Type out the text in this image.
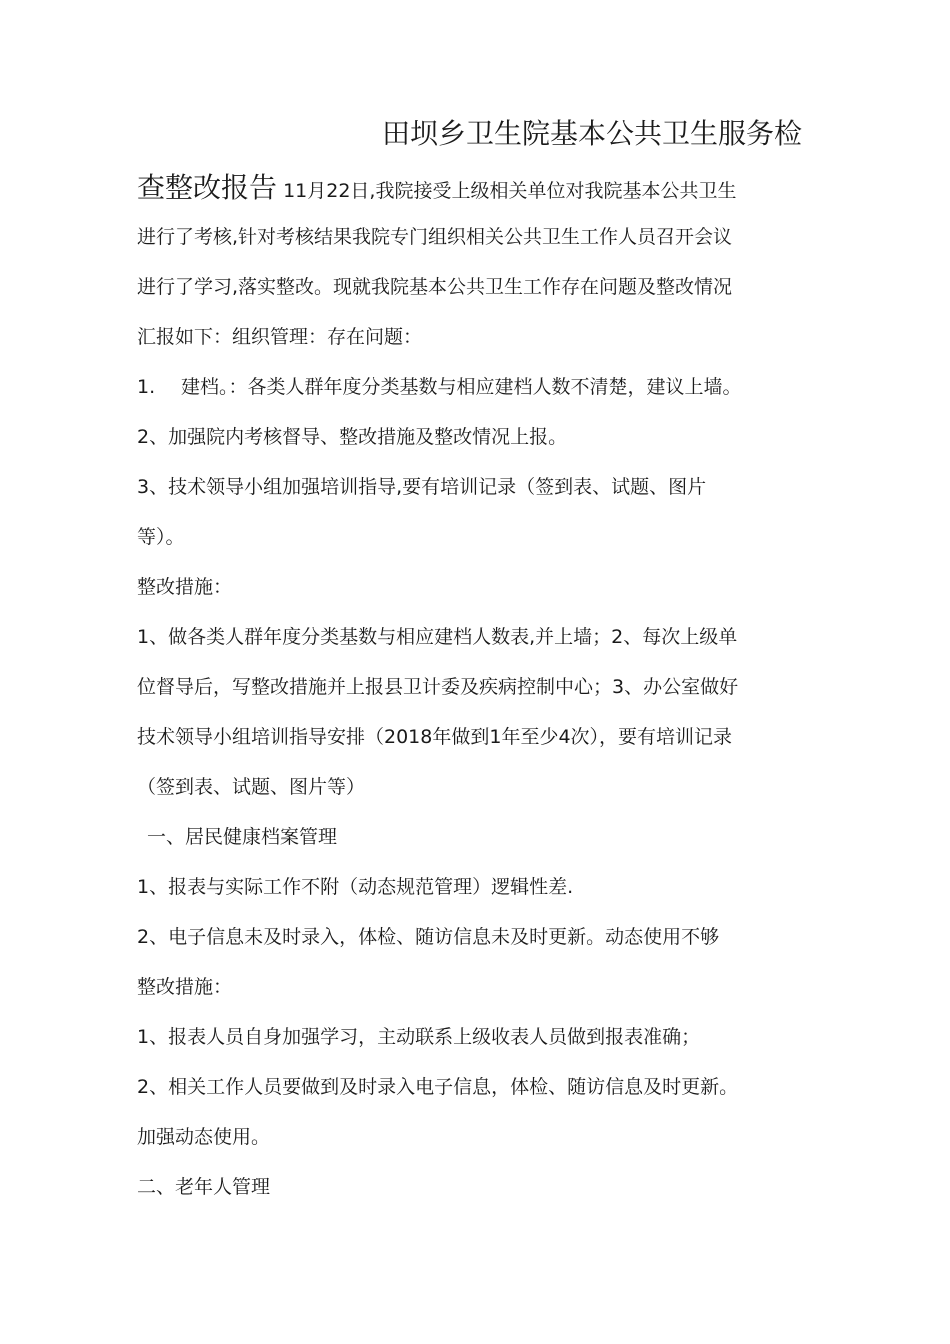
田坝乡卫生院基本公共卫生服务检
查整改报告 11月22日,我院接受上级相关单位对我院基本公共卫生
进行了考核,针对考核结果我院专门组织相关公共卫生工作人员召开会议
进行了学习,落实整改。现就我院基本公共卫生工作存在问题及整改情况
汇报如下：组织管理：存在问题：
1. 建档。：各类人群年度分类基数与相应建档人数不清楚，建议上墙。
2、加强院内考核督导、整改措施及整改情况上报。
3、技术领导小组加强培训指导,要有培训记录（签到表、试题、图片
等）。
整改措施：
1、做各类人群年度分类基数与相应建档人数表,并上墙；2、每次上级单
位督导后，写整改措施并上报县卫计委及疾病控制中心；3、办公室做好
技术领导小组培训指导安排（2018年做到1年至少4次），要有培训记录
（签到表、试题、图片等）
一、居民健康档案管理
1、报表与实际工作不附（动态规范管理）逻辑性差.
2、电子信息未及时录入，体检、随访信息未及时更新。动态使用不够
整改措施：
1、报表人员自身加强学习，主动联系上级收表人员做到报表准确；
2、相关工作人员要做到及时录入电子信息，体检、随访信息及时更新。
加强动态使用。
二、老年人管理
